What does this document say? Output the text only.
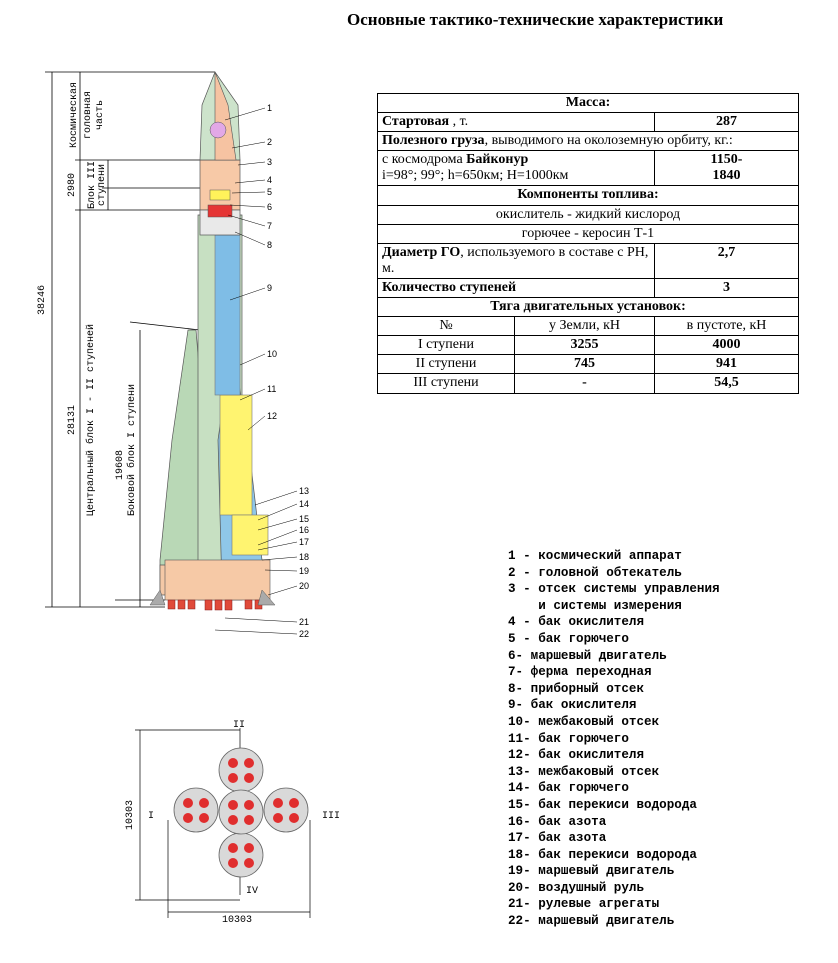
Основные тактико-технические характеристики
Масса:		
Стартовая , т.		287
Полезного груза, выводимого на околоземную орбиту, кг.:		
с космодрома Байконур
i=98°; 99°; h=650км; Н=1000км		1150-
1840
Компоненты топлива:		
окислитель - жидкий кислород		
горючее - керосин Т-1		
Диаметр ГО, используемого в составе с РН, м.		2,7
Количество ступеней		3
Тяга двигательных установок:		
№	у Земли, кН	в пустоте, кН
I ступени	3255	4000
II ступени	745	941
III ступени	-	54,5
38246
2980
28131
19608
Космическая головная часть
Блок III ступени
Центральный блок I - II ступеней	Боковой блок I ступени
1
2
3
4
5
6
7
8
9
10
11
12
13
14
15
16
17
18
19
20
21
22
II
I	III
IV
10303
10303
1 - космический аппарат
2 - головной обтекатель
3 - отсек системы управления
и системы измерения
4 - бак окислителя
5 - бак горючего
6- маршевый двигатель
7- ферма переходная
8- приборный отсек
9- бак окислителя
10- межбаковый отсек
11- бак горючего
12- бак окислителя
13- межбаковый отсек
14- бак горючего
15- бак перекиси водорода
16- бак азота
17- бак азота
18- бак перекиси водорода
19- маршевый двигатель
20- воздушный руль
21- рулевые агрегаты
22- маршевый двигатель
